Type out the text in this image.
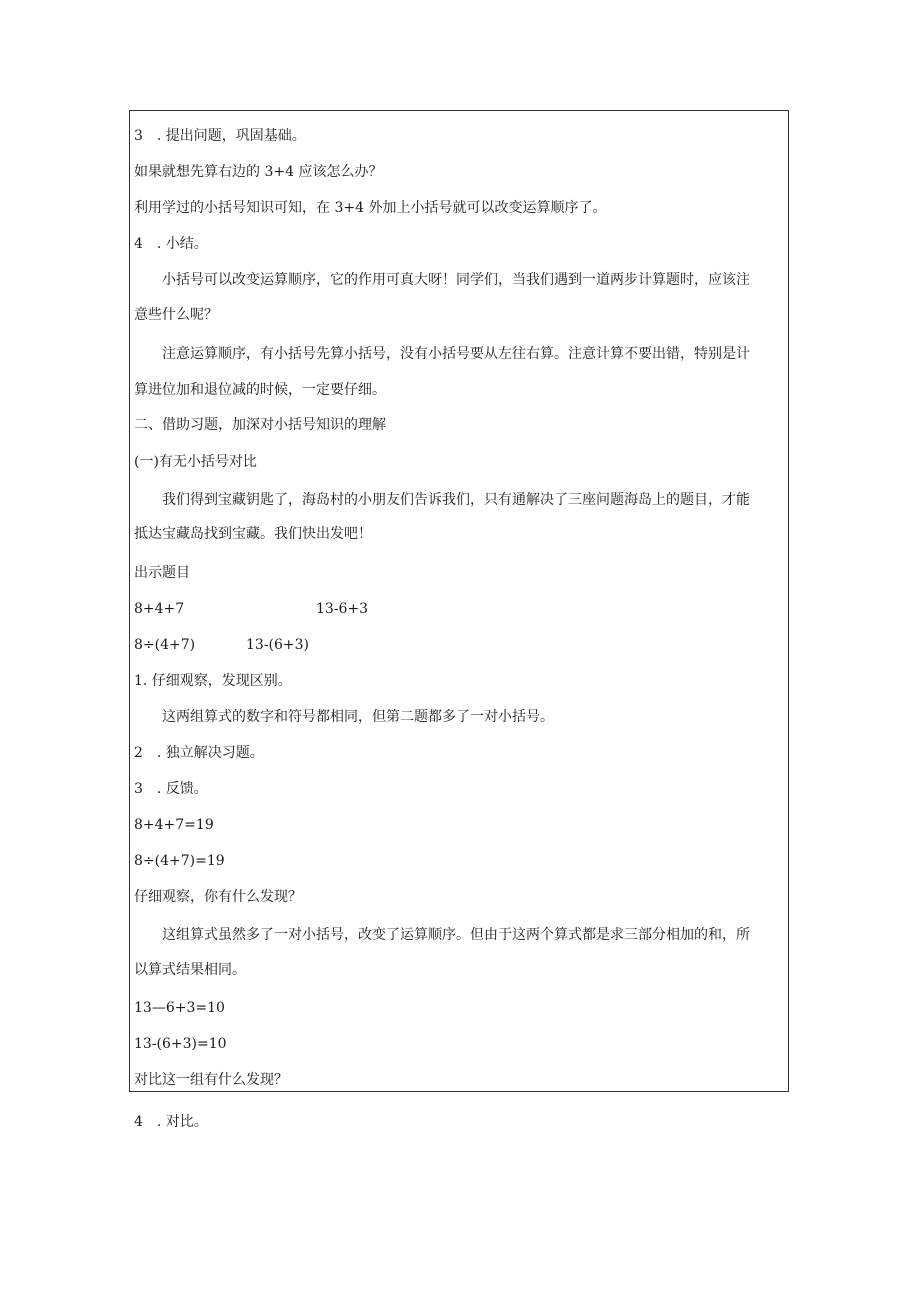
3　. 提出问题，巩固基础。
如果就想先算右边的 3+4 应该怎么办？
利用学过的小括号知识可知，在 3+4 外加上小括号就可以改变运算顺序了。
4　. 小结。
小括号可以改变运算顺序，它的作用可真大呀！同学们，当我们遇到一道两步计算题时，应该注
意些什么呢？
注意运算顺序，有小括号先算小括号，没有小括号要从左往右算。注意计算不要出错，特别是计
算进位加和退位减的时候，一定要仔细。
二、借助习题，加深对小括号知识的理解
(一)有无小括号对比
我们得到宝藏钥匙了，海岛村的小朋友们告诉我们，只有通解决了三座问题海岛上的题目，才能
抵达宝藏岛找到宝藏。我们快出发吧！
出示题目
8+4+7	13-6+3
8÷(4+7)	13-(6+3)
1. 仔细观察，发现区别。
这两组算式的数字和符号都相同，但第二题都多了一对小括号。
2　. 独立解决习题。
3　. 反馈。
8+4+7=19
8÷(4+7)=19
仔细观察，你有什么发现？
这组算式虽然多了一对小括号，改变了运算顺序。但由于这两个算式都是求三部分相加的和，所
以算式结果相同。
13—6+3=10
13-(6+3)=10
对比这一组有什么发现？
4　. 对比。
